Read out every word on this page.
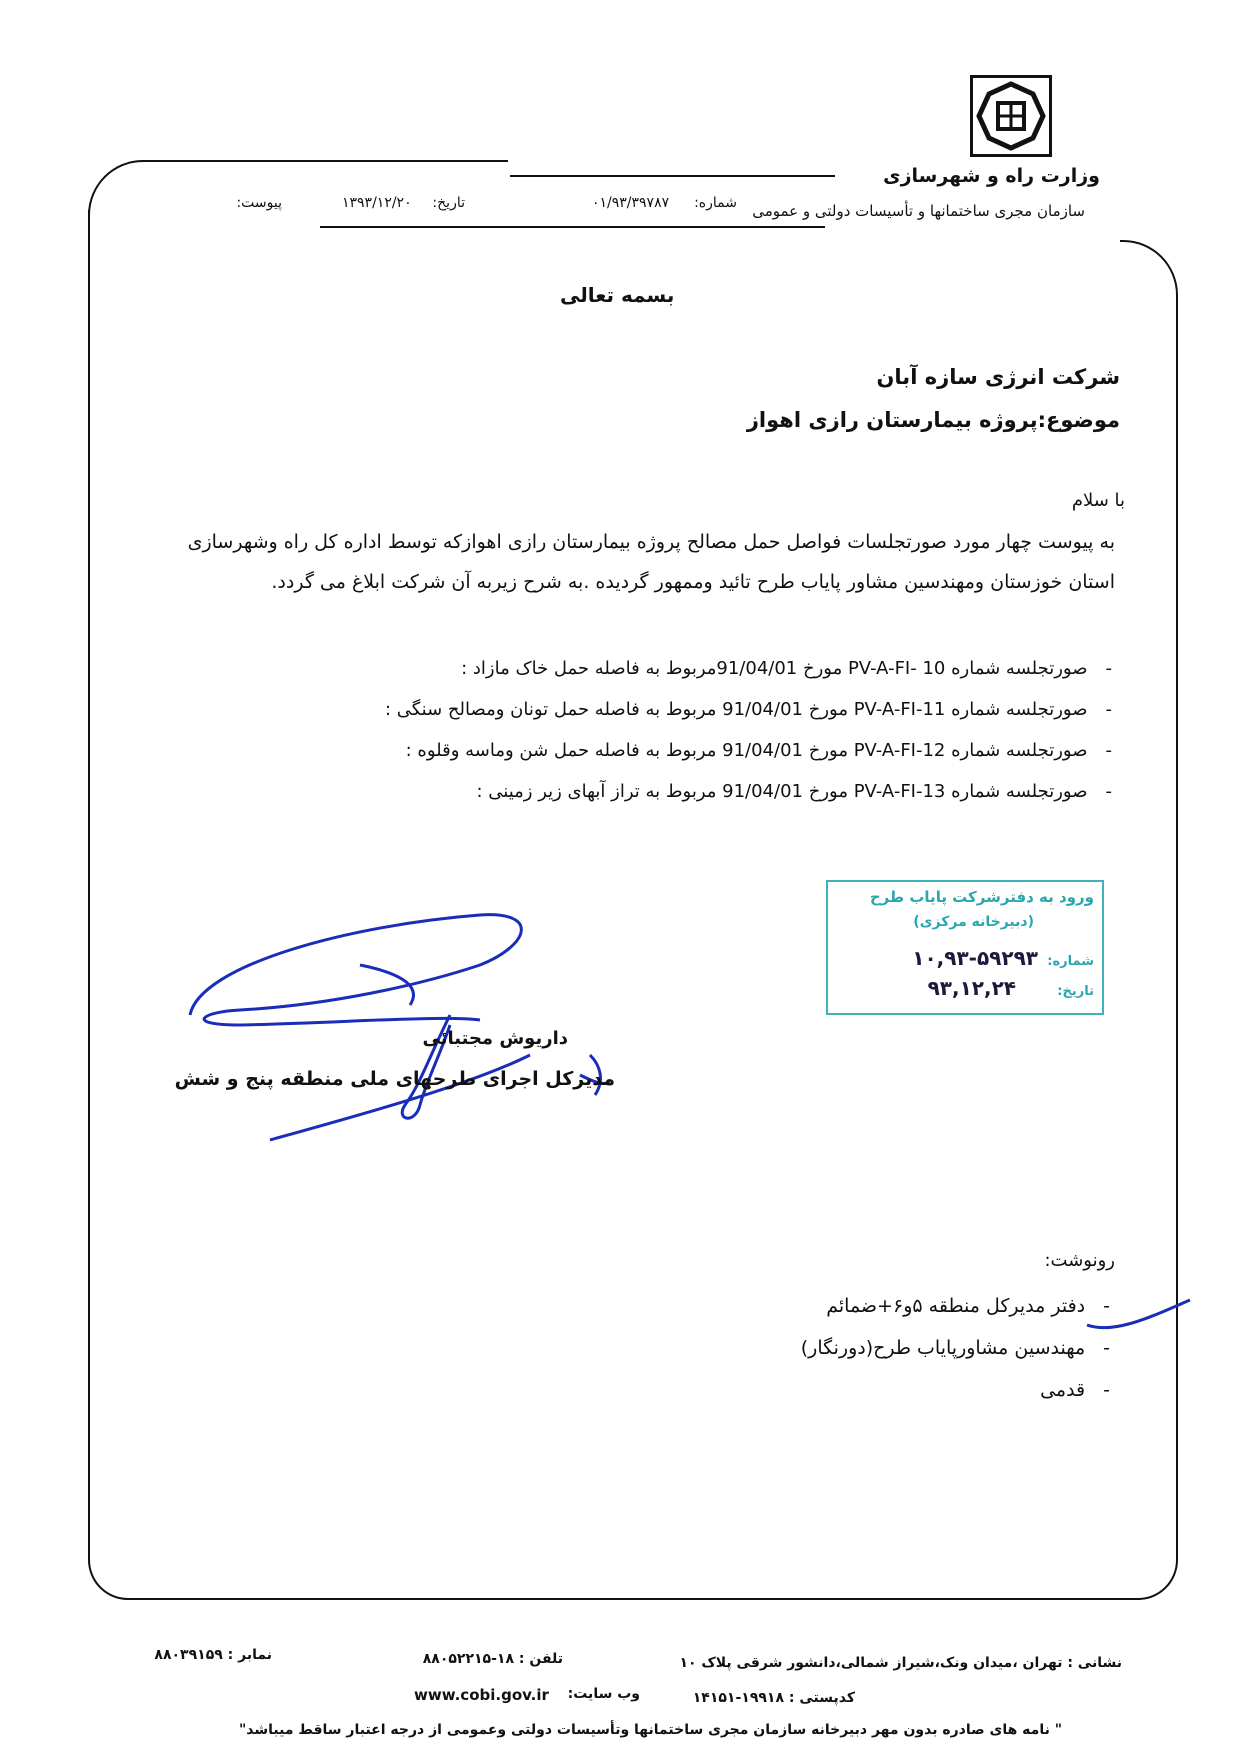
وزارت راه و شهرسازی
سازمان مجری ساختمانها و تأسیسات دولتی و عمومی
شماره:
۰۱/۹۳/۳۹۷۸۷
تاریخ:
۱۳۹۳/۱۲/۲۰
پیوست:
بسمه تعالی
شرکت انرژی سازه آبان
موضوع:پروژه بیمارستان رازی اهواز
با سلام
به پیوست چهار مورد صورتجلسات فواصل حمل مصالح پروژه بیمارستان رازی اهوازکه توسط اداره کل راه وشهرسازی استان خوزستان ومهندسین مشاور پایاب طرح تائید وممهور گردیده .به شرح زیربه آن شرکت ابلاغ می گردد.
-صورتجلسه شماره PV-A-FI- 10 مورخ 91/04/01مربوط به فاصله حمل خاک مازاد :
-صورتجلسه شماره PV-A-FI-11 مورخ 91/04/01 مربوط به فاصله حمل تونان ومصالح سنگی :
-صورتجلسه شماره PV-A-FI-12 مورخ 91/04/01 مربوط به فاصله حمل شن وماسه وقلوه :
-صورتجلسه شماره PV-A-FI-13 مورخ 91/04/01 مربوط به تراز آبهای زیر زمینی :
ورود به دفترشرکت پایاب طرح
(دبیرخانه مرکزی)
شماره:
۱۰,۹۳-۵۹۲۹۳
تاریخ:
۹۳,۱۲,۲۴
داریوش مجتبائی
مدیرکل اجرای طرحهای ملی منطقه پنج و شش
رونوشت:
-دفتر مدیرکل منطقه ۵و۶+ضمائم
-مهندسین مشاورپایاب طرح(دورنگار)
-قدمی
نشانی : تهران ،میدان ونک،شیراز شمالی،دانشور شرقی پلاک ۱۰
تلفن : ۱۸-۸۸۰۵۲۲۱۵
نمابر : ۸۸۰۳۹۱۵۹
کدپستی : ۱۹۹۱۸-۱۴۱۵۱
وب سایت:
www.cobi.gov.ir
" نامه های صادره بدون مهر دبیرخانه سازمان مجری ساختمانها وتأسیسات دولتی وعمومی از درجه اعتبار ساقط میباشد"
